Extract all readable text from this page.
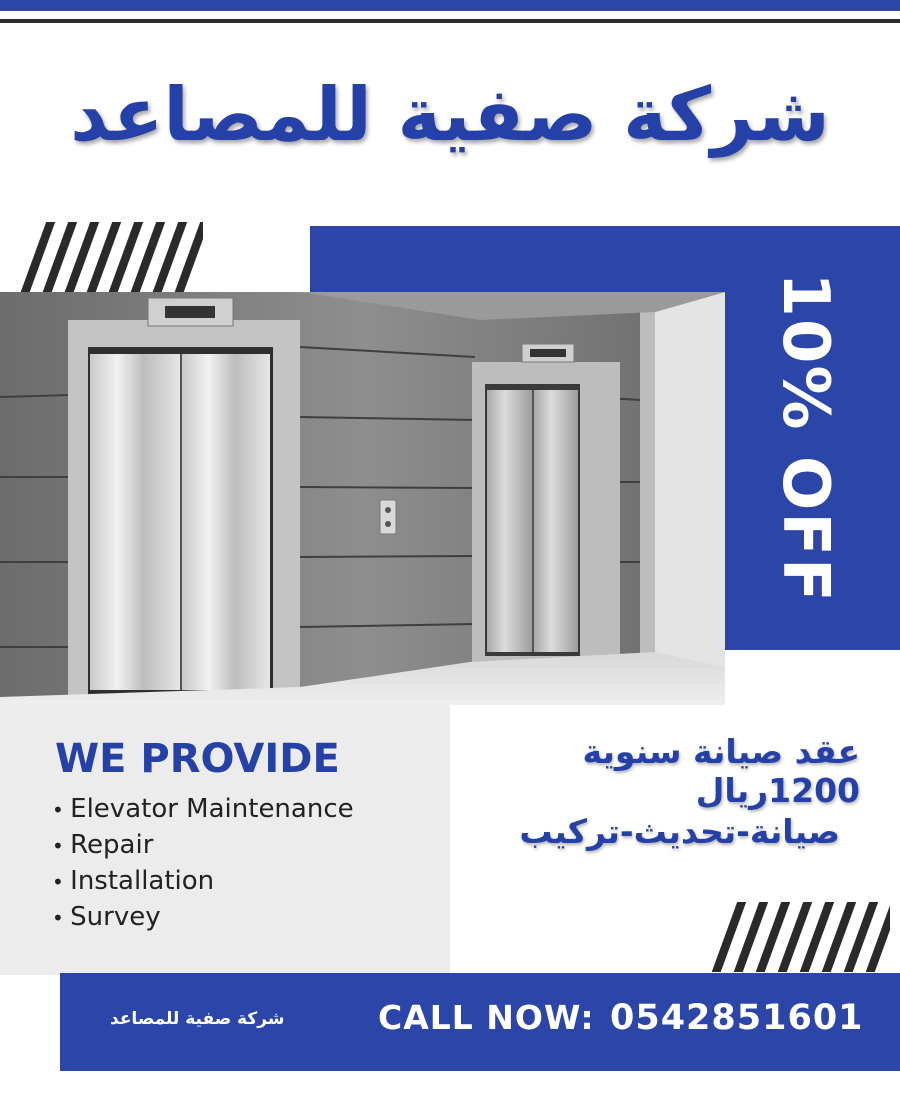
شركة صفية للمصاعد
10% OFF
WE PROVIDE
• Elevator Maintenance
• Repair
• Installation
• Survey
عقد صيانة سنوية 1200ريال
صيانة-تحديث-تركيب
شركة صفية للمصاعد	CALL NOW: 0542851601
